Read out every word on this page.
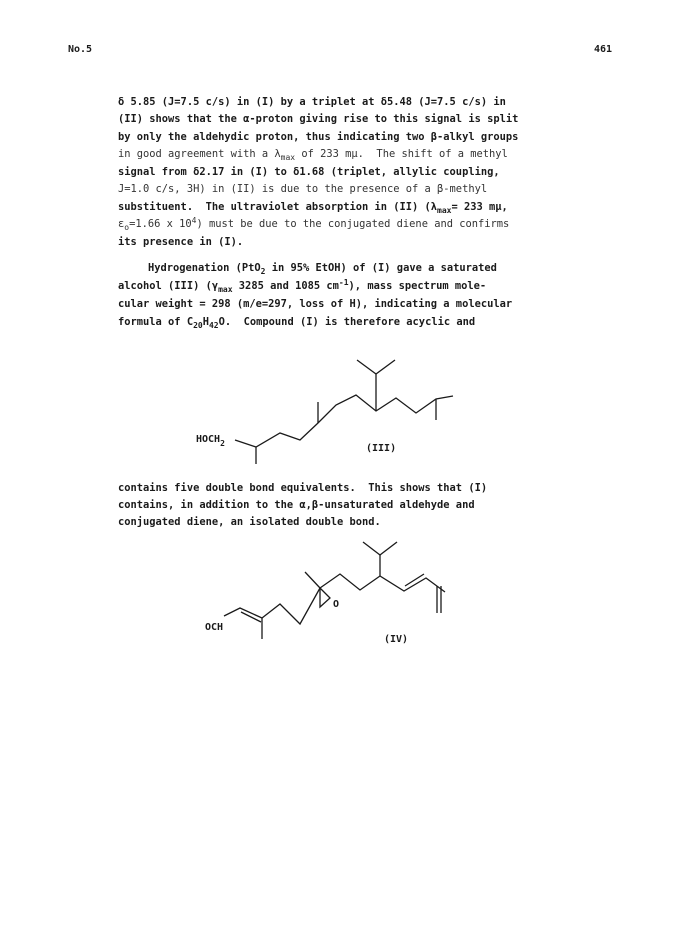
No.5	461
δ 5.85 (J=7.5 c/s) in (I) by a triplet at δ5.48 (J=7.5 c/s) in
(II) shows that the α-proton giving rise to this signal is split
by only the aldehydic proton, thus indicating two β-alkyl groups
in good agreement with a $\lambda_{max}$ of 233 mμ.  The shift of a methyl
signal from δ2.17 in (I) to δ1.68 (triplet, allylic coupling,
J=1.0 c/s, 3H) in (II) is due to the presence of a β-methyl
substituent.  The ultraviolet absorption in (II) ($\lambda_{max}= 233$ mμ,
$\varepsilon_o=1.66$ x $10^4$) must be due to the conjugated diene and confirms
its presence in (I).
Hydrogenation (PtO$_2$ in 95% EtOH) of (I) gave a saturated
alcohol (III) ($\gamma_{max}$ 3285 and 1085 $cm^{-1}$), mass spectrum mole-
cular weight = 298 (m/e=297, loss of H), indicating a molecular
formula of $C_{20}H_{42}O$.  Compound (I) is therefore acyclic and
$HOCH_2$	(III)
contains five double bond equivalents.  This shows that (I)
contains, in addition to the α,β-unsaturated aldehyde and
conjugated diene, an isolated double bond.
O
OCH
(IV)
